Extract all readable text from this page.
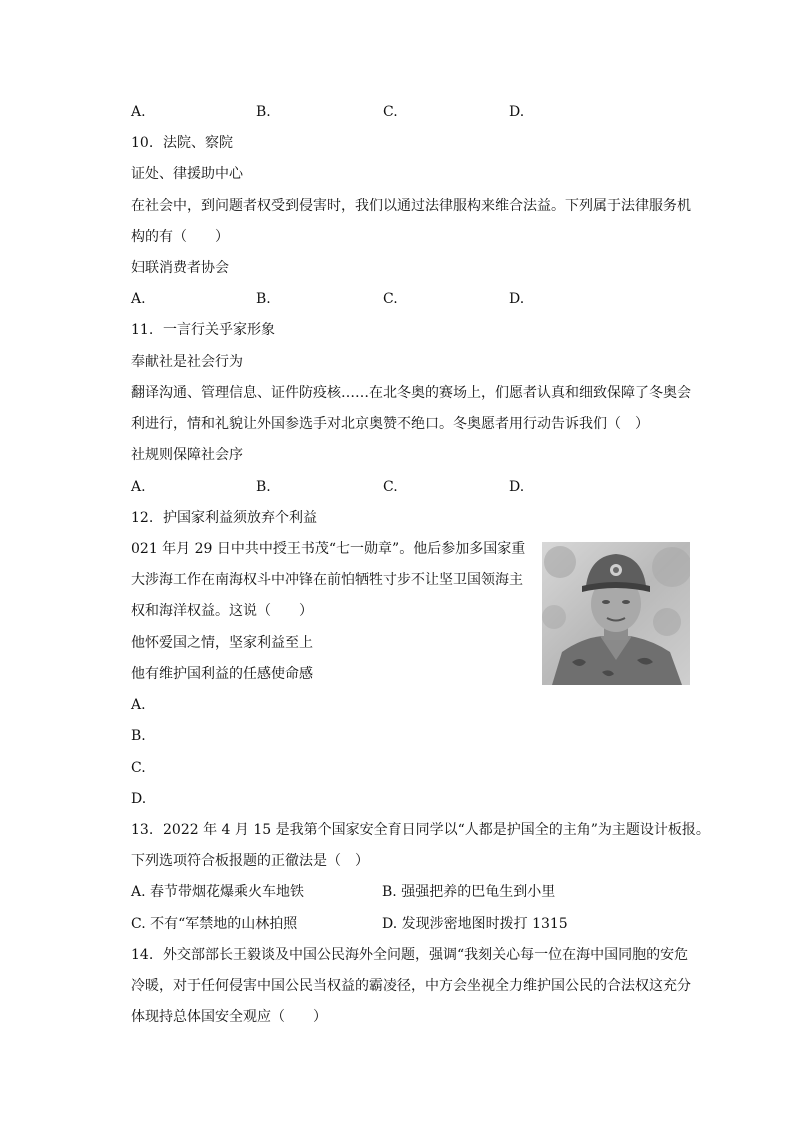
A.	B.	C.	D.
10. 法院、察院
证处、律援助中心
在社会中，到问题者权受到侵害时，我们以通过法律服构来维合法益。下列属于法律服务机
构的有（　　）
妇联消费者协会
A.	B.	C.	D.
11. 一言行关乎家形象
奉献社是社会行为
翻译沟通、管理信息、证件防疫核……在北冬奥的赛场上，们愿者认真和细致保障了冬奥会
利进行，情和礼貌让外国参选手对北京奥赞不绝口。冬奥愿者用行动告诉我们（　）
社规则保障社会序
A.	B.	C.	D.
12. 护国家利益须放弃个利益
021 年月 29 日中共中授王书茂“七一勋章”。他后参加多国家重
大涉海工作在南海权斗中冲锋在前怕牺牲寸步不让坚卫国领海主
权和海洋权益。这说（　　）
他怀爱国之情，坚家利益至上
他有维护国利益的任感使命感
A.
B.
C.
D.
13. 2022 年 4 月 15 是我第个国家安全育日同学以“人都是护国全的主角”为主题设计板报。
下列选项符合板报题的正徹法是（　）
A. 春节带烟花爆乘火车地铁	B. 强强把养的巴龟生到小里
C. 不有“军禁地的山林拍照	D. 发现涉密地图时拨打 1315
14. 外交部部长王毅谈及中国公民海外全问题，强调“我刻关心每一位在海中国同胞的安危
冷暖，对于任何侵害中国公民当权益的霸凌径，中方会坐视全力维护国公民的合法权这充分
体现持总体国安全观应（　　）
